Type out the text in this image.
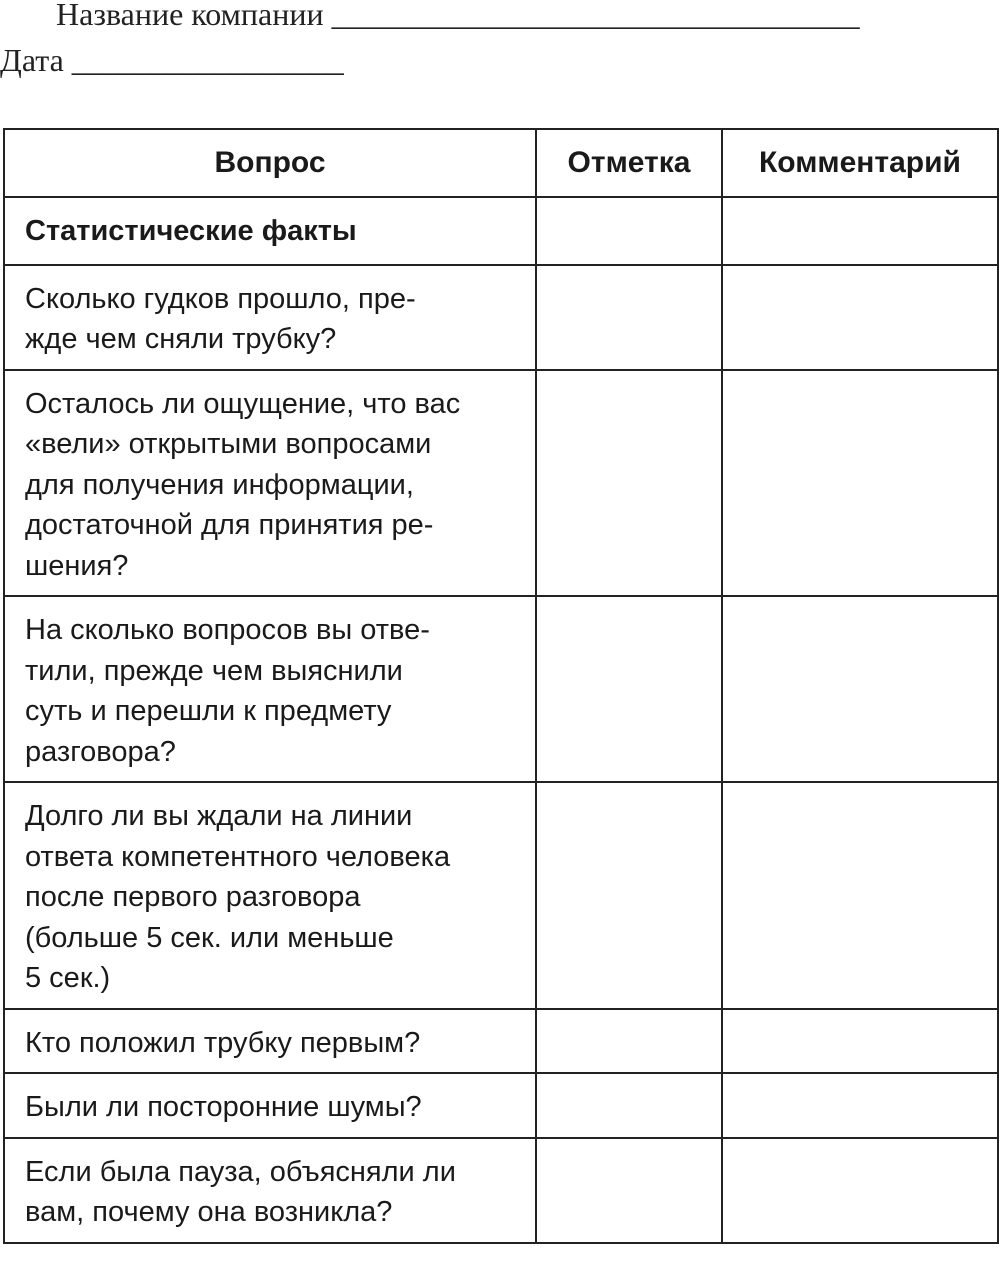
Название компании _________________________________
Дата _________________
Вопрос	Отметка	Комментарий

Статистические факты		

Сколько гудков прошло, пре-
жде чем сняли трубку?		

Осталось ли ощущение, что вас
«вели» открытыми вопросами
для получения информации,
достаточной для принятия ре-
шения?		

На сколько вопросов вы отве-
тили, прежде чем выяснили
суть и перешли к предмету
разговора?		

Долго ли вы ждали на линии
ответа компетентного человека
после первого разговора
(больше 5 сек. или меньше
5 сек.)		

Кто положил трубку первым?		

Были ли посторонние шумы?		

Если была пауза, объясняли ли
вам, почему она возникла?		
